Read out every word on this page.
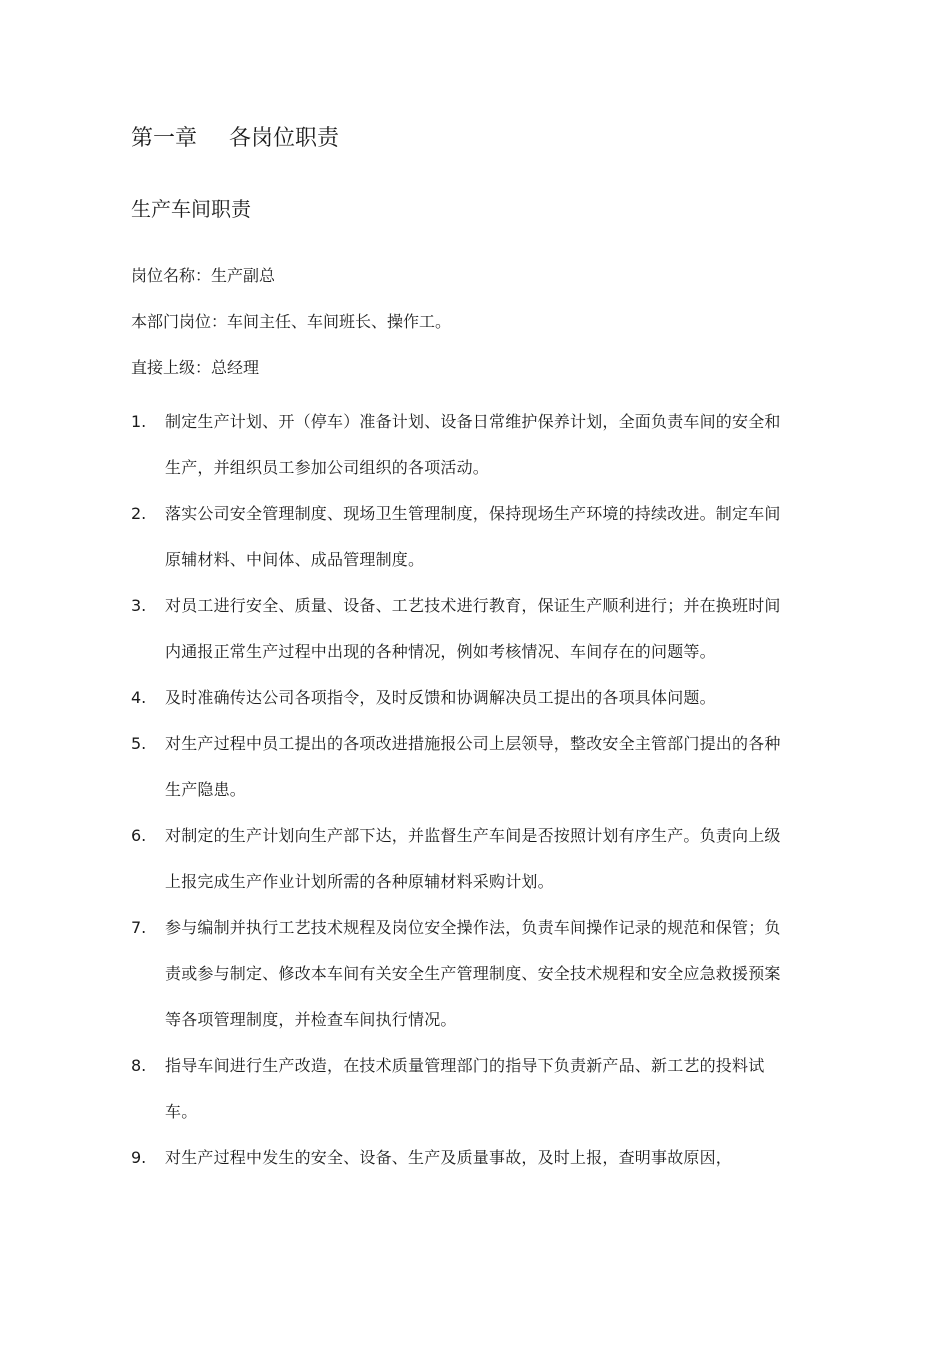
第一章 各岗位职责
生产车间职责
岗位名称：生产副总
本部门岗位：车间主任、车间班长、操作工。
直接上级：总经理
1.	制定生产计划、开（停车）准备计划、设备日常维护保养计划，全面负责车间的安全和生产，并组织员工参加公司组织的各项活动。
2.	落实公司安全管理制度、现场卫生管理制度，保持现场生产环境的持续改进。制定车间原辅材料、中间体、成品管理制度。
3.	对员工进行安全、质量、设备、工艺技术进行教育，保证生产顺利进行；并在换班时间内通报正常生产过程中出现的各种情况，例如考核情况、车间存在的问题等。
4.	及时准确传达公司各项指令，及时反馈和协调解决员工提出的各项具体问题。
5.	对生产过程中员工提出的各项改进措施报公司上层领导，整改安全主管部门提出的各种生产隐患。
6.	对制定的生产计划向生产部下达，并监督生产车间是否按照计划有序生产。负责向上级上报完成生产作业计划所需的各种原辅材料采购计划。
7.	参与编制并执行工艺技术规程及岗位安全操作法，负责车间操作记录的规范和保管；负责或参与制定、修改本车间有关安全生产管理制度、安全技术规程和安全应急救援预案等各项管理制度，并检查车间执行情况。
8.	指导车间进行生产改造，在技术质量管理部门的指导下负责新产品、新工艺的投料试车。
9.	对生产过程中发生的安全、设备、生产及质量事故，及时上报，查明事故原因，
